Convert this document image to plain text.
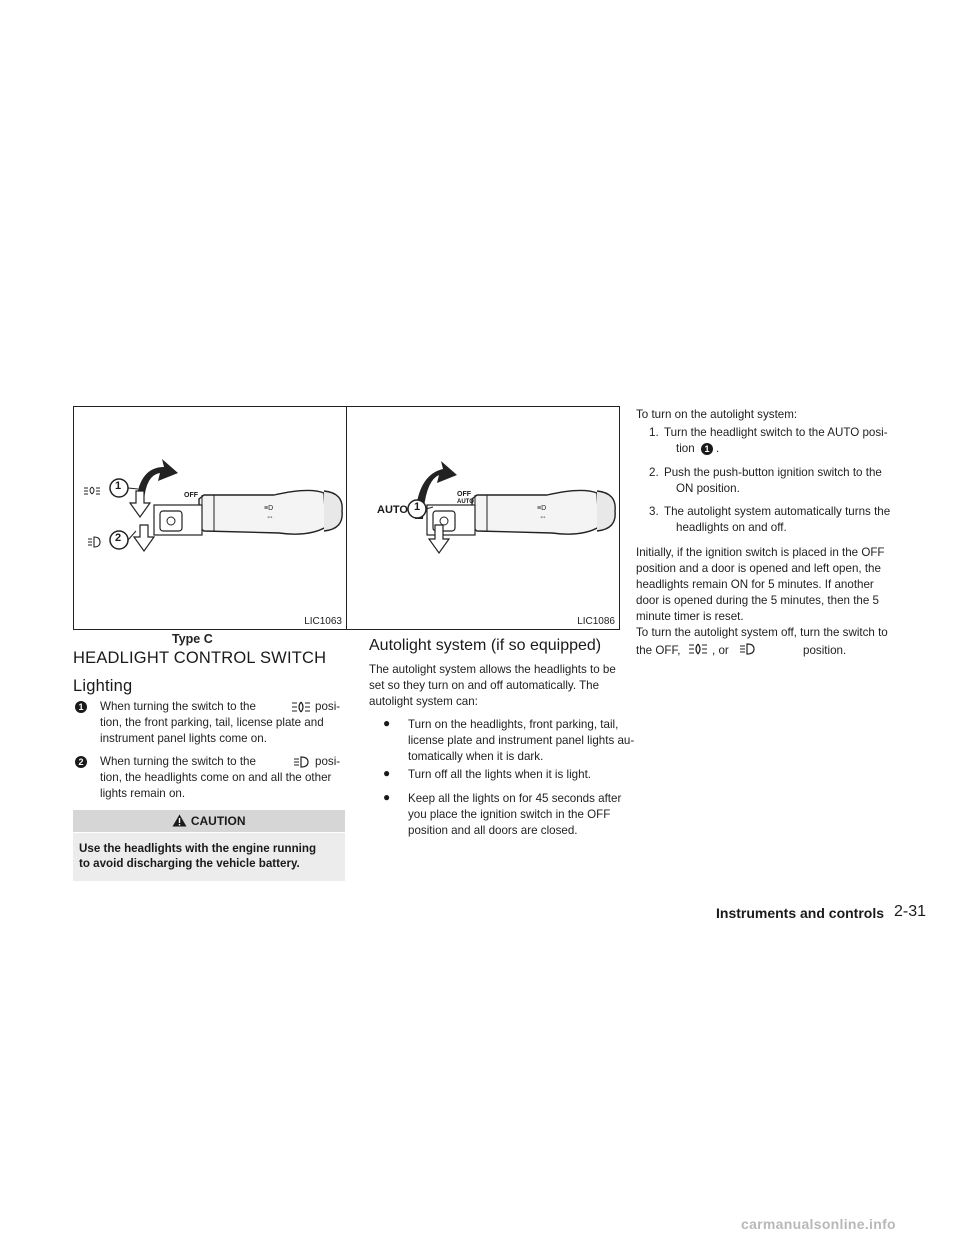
≡D
⇔
1
2
OFF
LIC1063
Type C
≡D
⇔
AUTO 1
OFF
AUTO
LIC1086
HEADLIGHT CONTROL SWITCH
Lighting
1	When turning the switch to the	posi-
tion, the front parking, tail, license plate and
instrument panel lights come on.
2	When turning the switch to the	posi-
tion, the headlights come on and all the other
lights remain on.
CAUTION
Use the headlights with the engine running
to avoid discharging the vehicle battery.
Autolight system (if so equipped)
The autolight system allows the headlights to be
set so they turn on and off automatically. The
autolight system can:
● Turn on the headlights, front parking, tail,
license plate and instrument panel lights au-
tomatically when it is dark.
● Turn off all the lights when it is light.
● Keep all the lights on for 45 seconds after
you place the ignition switch in the OFF
position and all doors are closed.
To turn on the autolight system:
1. Turn the headlight switch to the AUTO posi-
tion	1 .
2. Push the push-button ignition switch to the
ON position.
3. The autolight system automatically turns the
headlights on and off.
Initially, if the ignition switch is placed in the OFF
position and a door is opened and left open, the
headlights remain ON for 5 minutes. If another
door is opened during the 5 minutes, then the 5
minute timer is reset.
To turn the autolight system off, turn the switch to
the OFF,	, or	position.
Instruments and controls 2-31
carmanualsonline.info
